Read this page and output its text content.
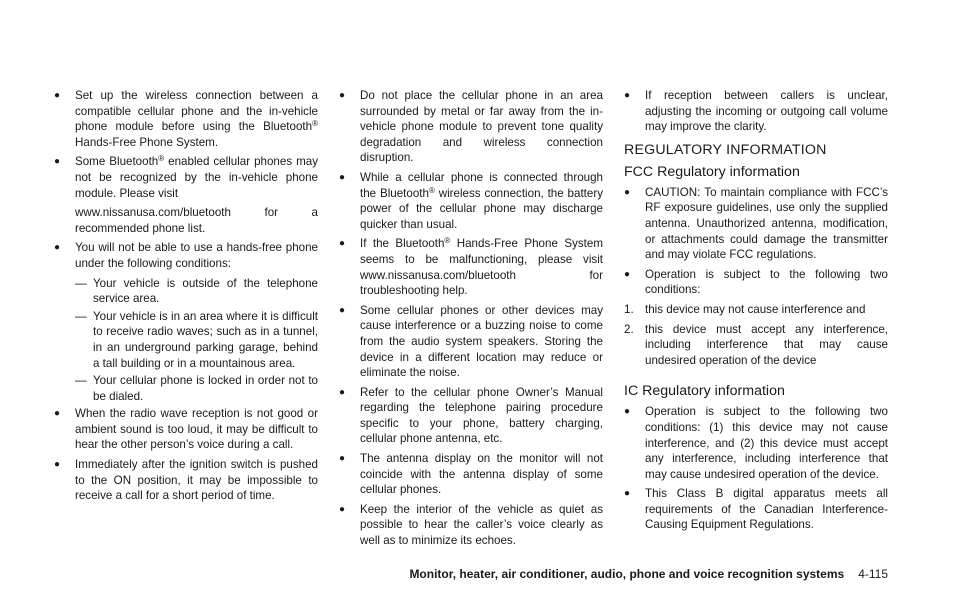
● Set up the wireless connection between a compatible cellular phone and the in-vehicle phone module before using the Bluetooth® Hands-Free Phone System.
● Some Bluetooth® enabled cellular phones may not be recognized by the in-vehicle phone module. Please visit
www.nissanusa.com/bluetooth for a recommended phone list.
● You will not be able to use a hands-free phone under the following conditions:
— Your vehicle is outside of the telephone service area.
— Your vehicle is in an area where it is difficult to receive radio waves; such as in a tunnel, in an underground parking garage, behind a tall building or in a mountainous area.
— Your cellular phone is locked in order not to be dialed.
● When the radio wave reception is not good or ambient sound is too loud, it may be difficult to hear the other person’s voice during a call.
● Immediately after the ignition switch is pushed to the ON position, it may be impossible to receive a call for a short period of time.
● Do not place the cellular phone in an area surrounded by metal or far away from the in-vehicle phone module to prevent tone quality degradation and wireless connection disruption.
● While a cellular phone is connected through the Bluetooth® wireless connection, the battery power of the cellular phone may discharge quicker than usual.
● If the Bluetooth® Hands-Free Phone System seems to be malfunctioning, please visit www.nissanusa.com/bluetooth for troubleshooting help.
● Some cellular phones or other devices may cause interference or a buzzing noise to come from the audio system speakers. Storing the device in a different location may reduce or eliminate the noise.
● Refer to the cellular phone Owner’s Manual regarding the telephone pairing procedure specific to your phone, battery charging, cellular phone antenna, etc.
● The antenna display on the monitor will not coincide with the antenna display of some cellular phones.
● Keep the interior of the vehicle as quiet as possible to hear the caller’s voice clearly as well as to minimize its echoes.
● If reception between callers is unclear, adjusting the incoming or outgoing call volume may improve the clarity.
REGULATORY INFORMATION
FCC Regulatory information
● CAUTION: To maintain compliance with FCC’s RF exposure guidelines, use only the supplied antenna. Unauthorized antenna, modification, or attachments could damage the transmitter and may violate FCC regulations.
● Operation is subject to the following two conditions:
1. this device may not cause interference and
2. this device must accept any interference, including interference that may cause undesired operation of the device
IC Regulatory information
● Operation is subject to the following two conditions: (1) this device may not cause interference, and (2) this device must accept any interference, including interference that may cause undesired operation of the device.
● This Class B digital apparatus meets all requirements of the Canadian Interference-Causing Equipment Regulations.
Monitor, heater, air conditioner, audio, phone and voice recognition systems 4-115
